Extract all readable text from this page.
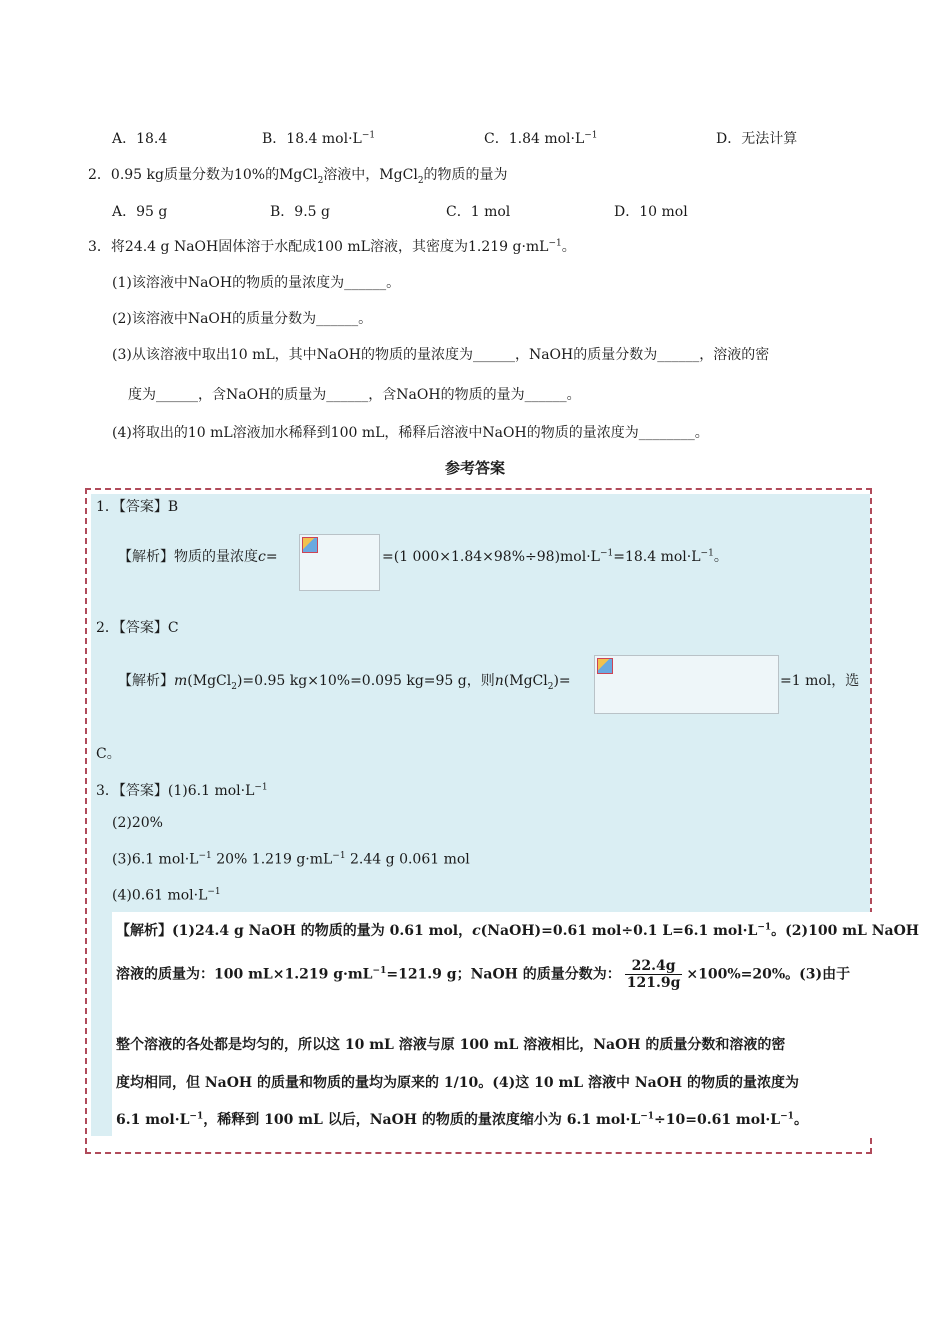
A．18.4	B．18.4 $mol\cdot L^{-1}$	C．1.84 $mol\cdot L^{-1}$	D．无法计算
2．0.95 kg质量分数为10%的MgCl$_2$溶液中，MgCl$_2$的物质的量为
A．95 g	B．9.5 g	C．1 mol	D．10 mol
3．将24.4 g NaOH固体溶于水配成100 mL溶液，其密度为1.219 $g\cdot mL^{-1}$。
(1)该溶液中NaOH的物质的量浓度为______。
(2)该溶液中NaOH的质量分数为______。
(3)从该溶液中取出10 mL，其中NaOH的物质的量浓度为______，NaOH的质量分数为______，溶液的密
度为______，含NaOH的质量为______，含NaOH的物质的量为______。
(4)将取出的10 mL溶液加水稀释到100 mL，稀释后溶液中NaOH的物质的量浓度为________。
参考答案
1．【答案】B
【解析】物质的量浓度c=	=(1 $000\times 1.84\times 98\%\div 98)mol\cdot L^{-1}=18.4$ $mol\cdot L^{-1}$。
2．【答案】C
【解析】m(MgCl$_2$)=0.95 kg×10%=0.095 kg=95 g，则n(MgCl$_2$)=	=1 mol，选
C。
3．【答案】(1)6.1 $mol\cdot L^{-1}$
(2)20%
(3)6.1 $mol\cdot L^{-1}$ 20% 1.219 $g\cdot mL^{-1}$ 2.44 g 0.061 mol
(4)0.61 $mol\cdot L^{-1}$
【解析】(1)24.4 g NaOH 的物质的量为 0.61 mol，c(NaOH)=0.61 mol÷0.1 L=6.1 $mol\cdot L^{-1}$。(2)100 mL NaOH
溶液的质量为：100 mL×1.219 $g\cdot mL^{-1}=121.9$ g；NaOH 的质量分数为： $\frac{22.4g}{121.9g} \times 100\%=20\%$。(3)由于
整个溶液的各处都是均匀的，所以这 10 mL 溶液与原 100 mL 溶液相比，NaOH 的质量分数和溶液的密
度均相同，但 NaOH 的质量和物质的量均为原来的 1/10。(4)这 10 mL 溶液中 NaOH 的物质的量浓度为
6.1 $mol\cdot L^{-1}$，稀释到 100 mL 以后，NaOH 的物质的量浓度缩小为 6.1 $mol\cdot L^{-1}\div 10=0.61$ $mol\cdot L^{-1}$。
